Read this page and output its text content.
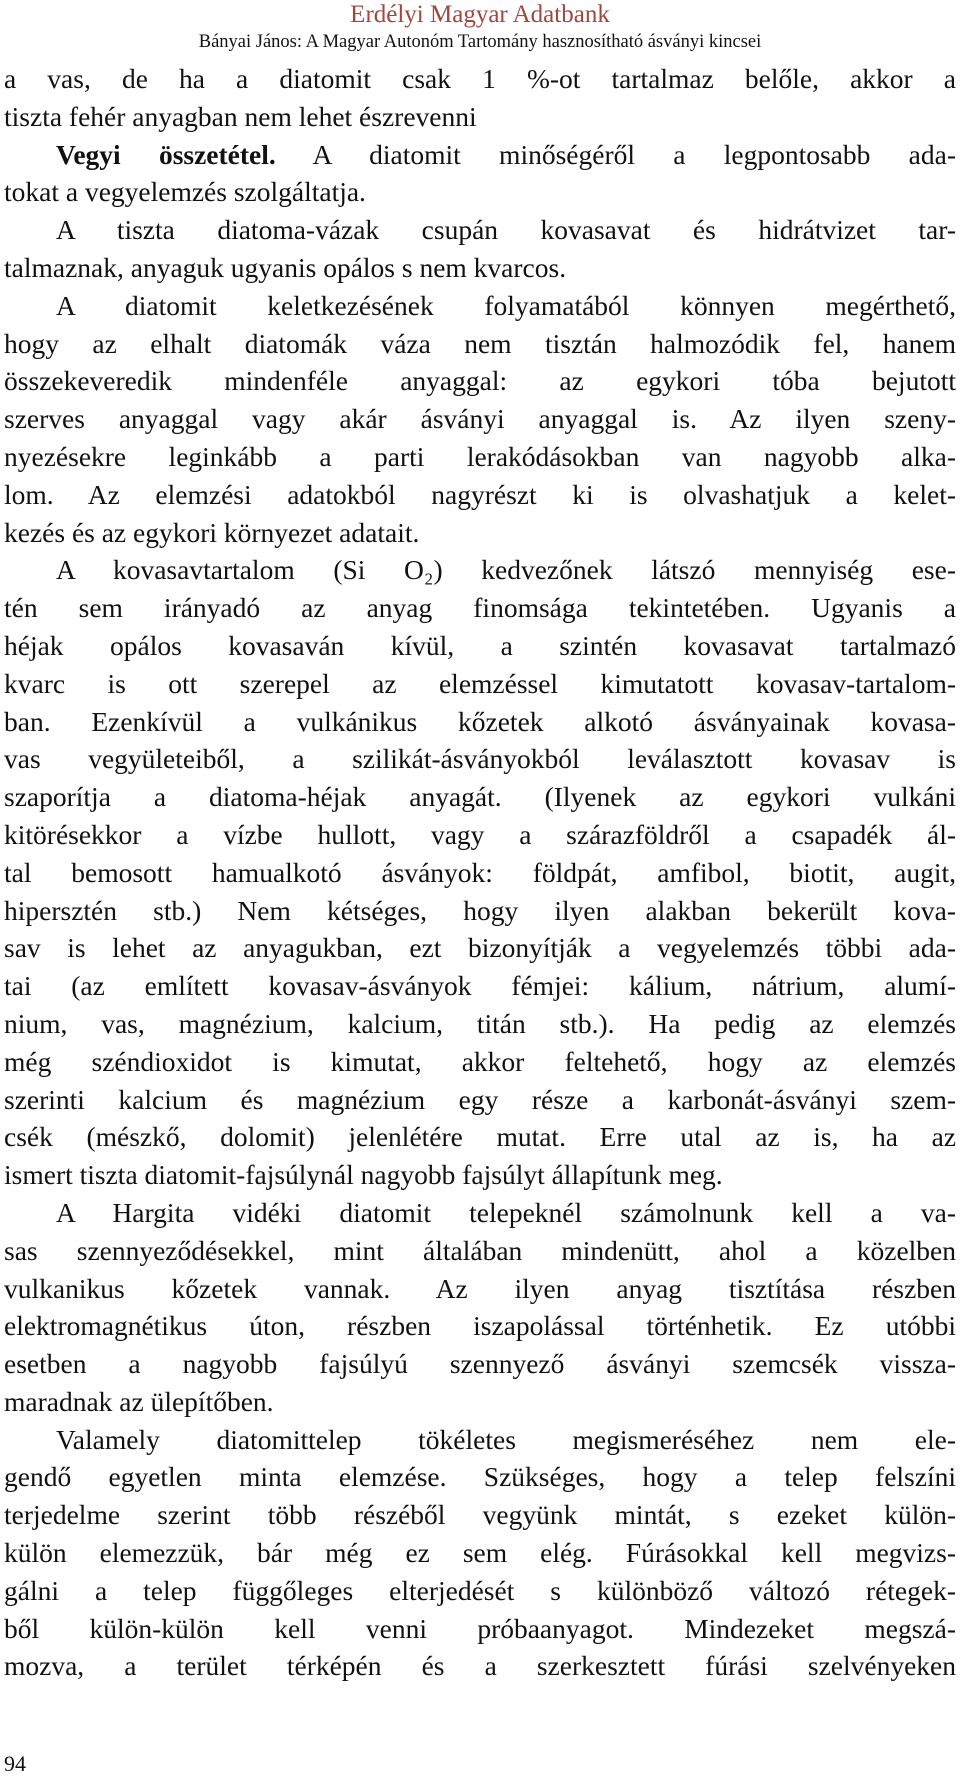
Erdélyi Magyar Adatbank
Bányai János: A Magyar Autonóm Tartomány hasznosítható ásványi kincsei
a vas, de ha a diatomit csak 1 %-ot tartalmaz belőle, akkor a
tiszta fehér anyagban nem lehet észrevenni
Vegyi összetétel. A diatomit minőségéről a legpontosabb ada-
tokat a vegyelemzés szolgáltatja.
A tiszta diatoma-vázak csupán kovasavat és hidrátvizet tar-
talmaznak, anyaguk ugyanis opálos s nem kvarcos.
A diatomit keletkezésének folyamatából könnyen megérthető,
hogy az elhalt diatomák váza nem tisztán halmozódik fel, hanem
összekeveredik mindenféle anyaggal: az egykori tóba bejutott
szerves anyaggal vagy akár ásványi anyaggal is. Az ilyen szeny-
nyezésekre leginkább a parti lerakódásokban van nagyobb alka-
lom. Az elemzési adatokból nagyrészt ki is olvashatjuk a kelet-
kezés és az egykori környezet adatait.
A kovasavtartalom (Si O₂) kedvezőnek látszó mennyiség ese-
tén sem irányadó az anyag finomsága tekintetében. Ugyanis a
héjak opálos kovasaván kívül, a szintén kovasavat tartalmazó
kvarc is ott szerepel az elemzéssel kimutatott kovasav-tartalom-
ban. Ezenkívül a vulkánikus kőzetek alkotó ásványainak kovasa-
vas vegyületeiből, a szilikát-ásványokból leválasztott kovasav is
szaporítja a diatoma-héjak anyagát. (Ilyenek az egykori vulkáni
kitörésekkor a vízbe hullott, vagy a szárazföldről a csapadék ál-
tal bemosott hamualkotó ásványok: földpát, amfibol, biotit, augit,
hipersztén stb.) Nem kétséges, hogy ilyen alakban bekerült kova-
sav is lehet az anyagukban, ezt bizonyítják a vegyelemzés többi ada-
tai (az említett kovasav-ásványok fémjei: kálium, nátrium, alumí-
nium, vas, magnézium, kalcium, titán stb.). Ha pedig az elemzés
még széndioxidot is kimutat, akkor feltehető, hogy az elemzés
szerinti kalcium és magnézium egy része a karbonát-ásványi szem-
csék (mészkő, dolomit) jelenlétére mutat. Erre utal az is, ha az
ismert tiszta diatomit-fajsúlynál nagyobb fajsúlyt állapítunk meg.
A Hargita vidéki diatomit telepeknél számolnunk kell a va-
sas szennyeződésekkel, mint általában mindenütt, ahol a közelben
vulkanikus kőzetek vannak. Az ilyen anyag tisztítása részben
elektromagnétikus úton, részben iszapolással történhetik. Ez utóbbi
esetben a nagyobb fajsúlyú szennyező ásványi szemcsék vissza-
maradnak az ülepítőben.
Valamely diatomittelep tökéletes megismeréséhez nem ele-
gendő egyetlen minta elemzése. Szükséges, hogy a telep felszíni
terjedelme szerint több részéből vegyünk mintát, s ezeket külön-
külön elemezzük, bár még ez sem elég. Fúrásokkal kell megvizs-
gálni a telep függőleges elterjedését s különböző változó rétegek-
ből külön-külön kell venni próbaanyagot. Mindezeket megszá-
mozva, a terület térképén és a szerkesztett fúrási szelvényeken
94
